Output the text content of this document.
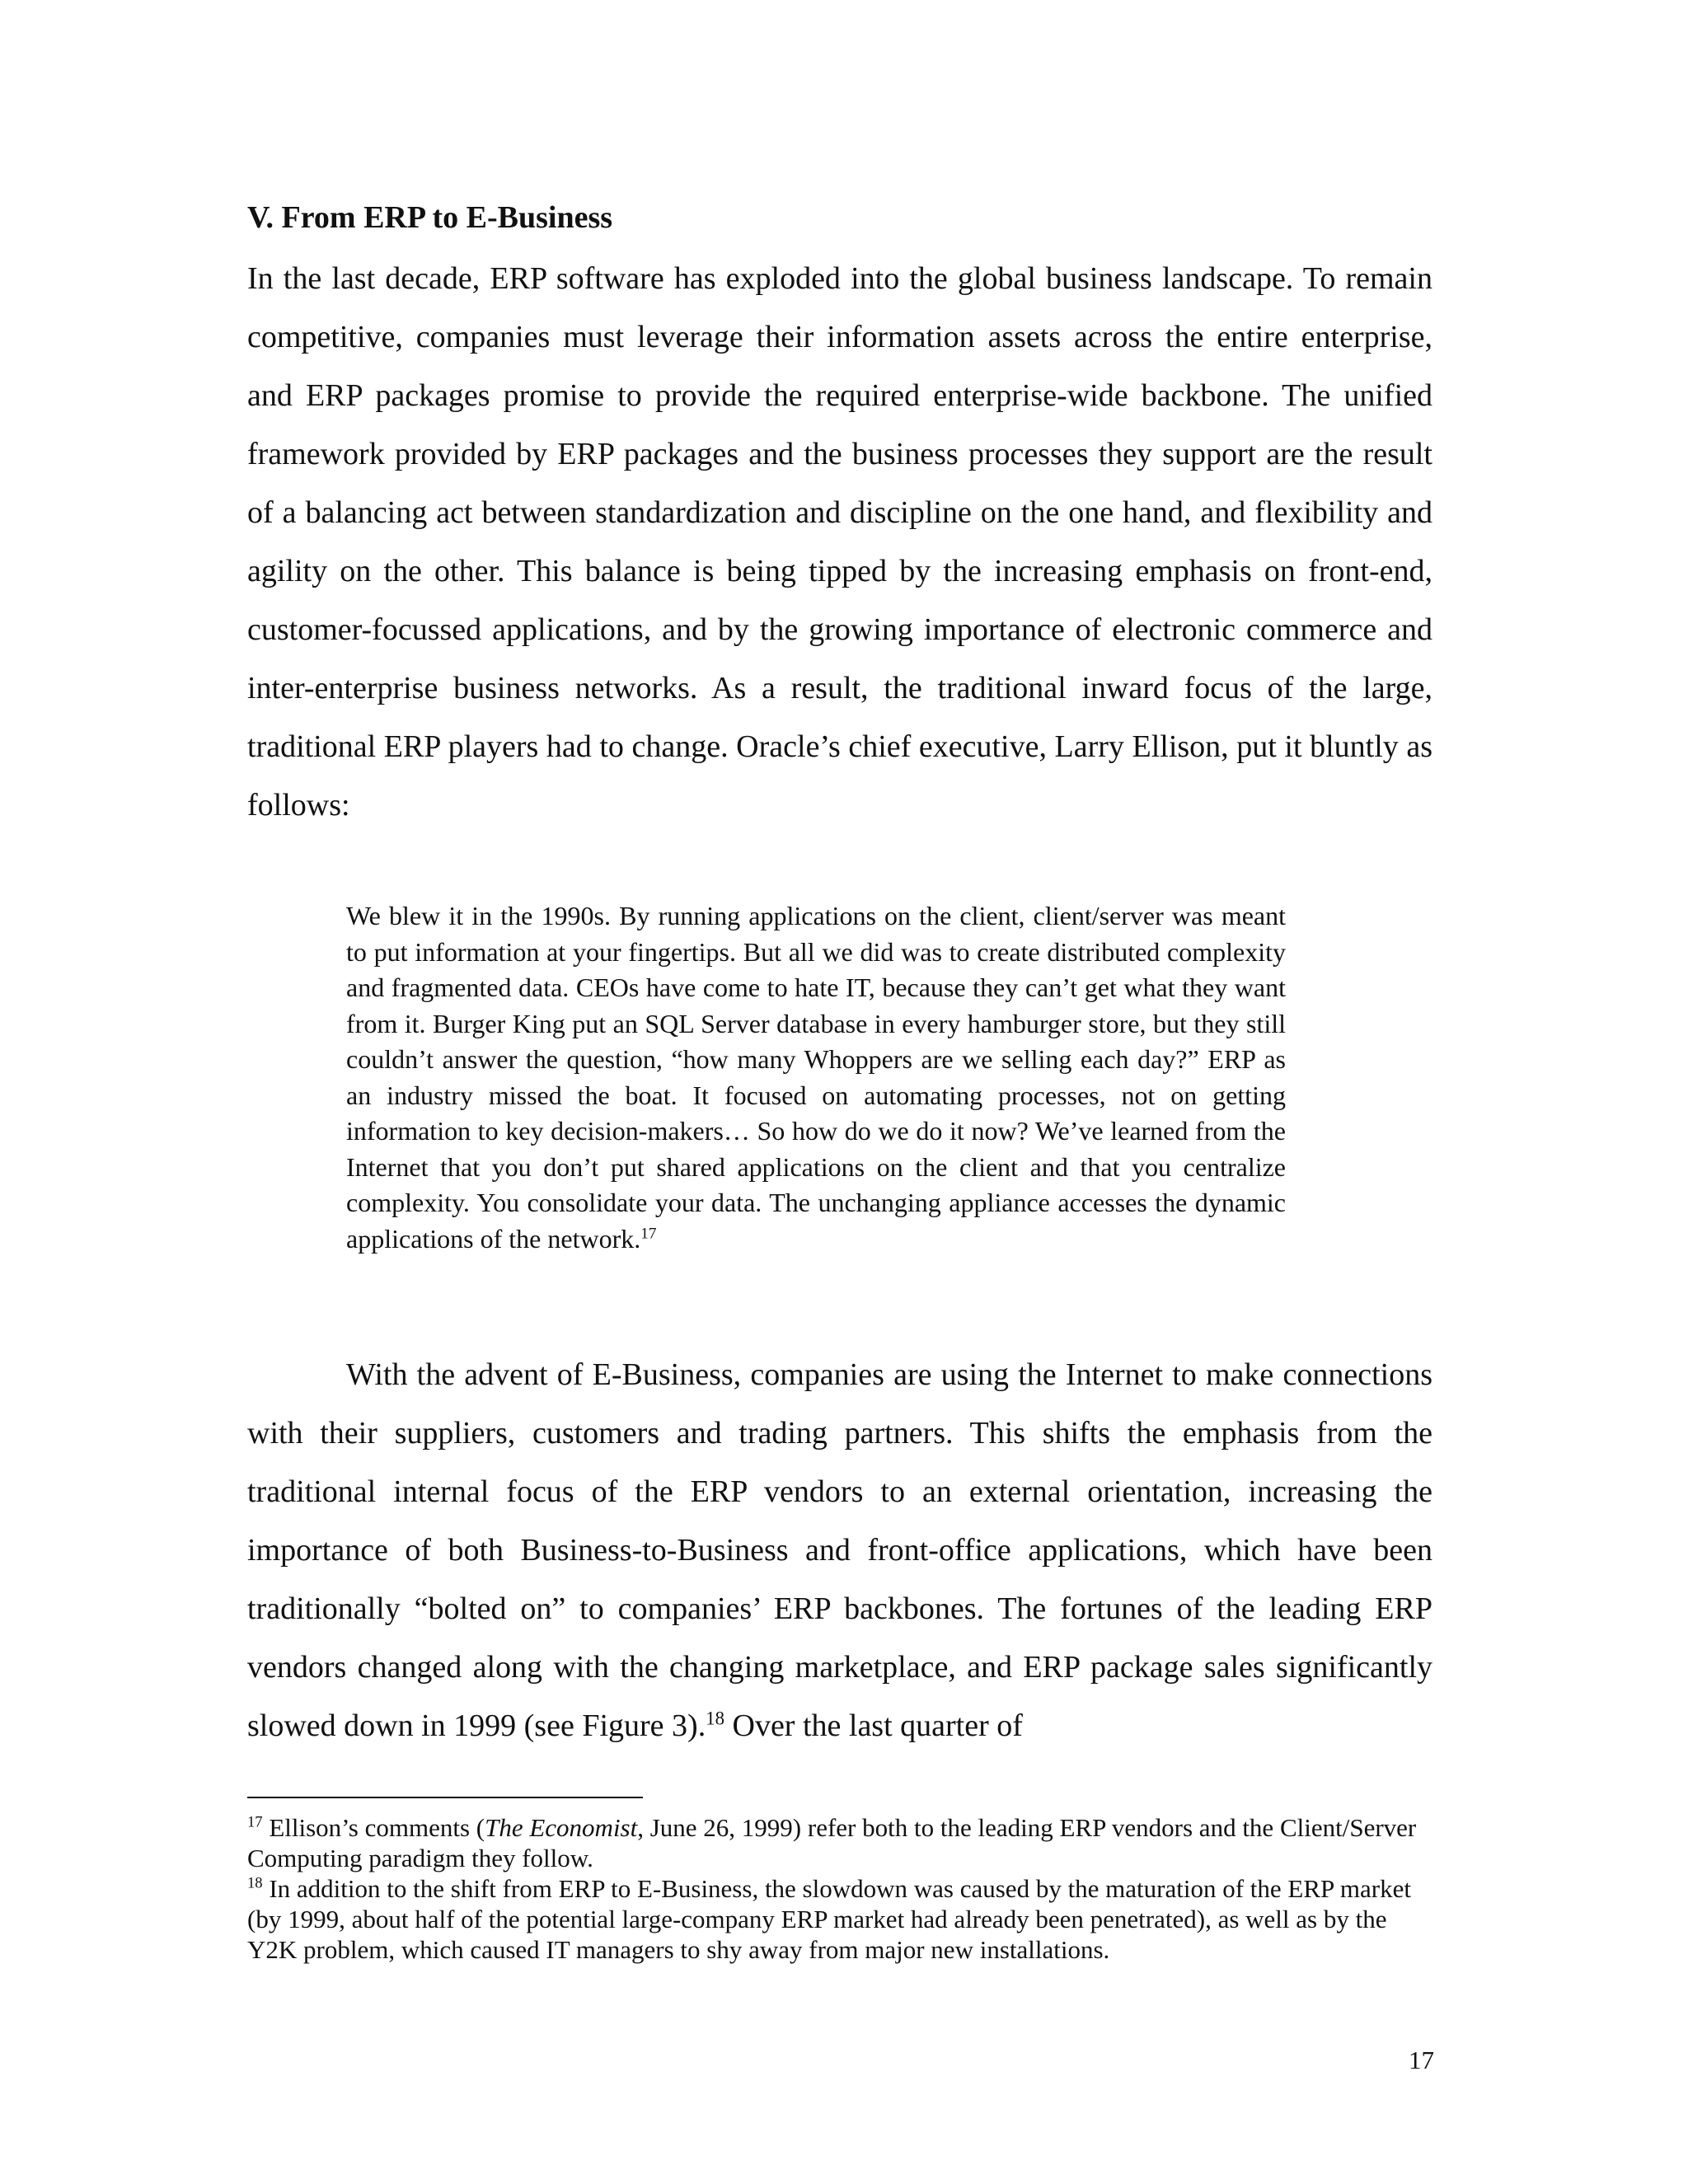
V. From ERP to E-Business

In the last decade, ERP software has exploded into the global business landscape. To remain competitive, companies must leverage their information assets across the entire enterprise, and ERP packages promise to provide the required enterprise-wide backbone. The unified framework provided by ERP packages and the business processes they support are the result of a balancing act between standardization and discipline on the one hand, and flexibility and agility on the other. This balance is being tipped by the increasing emphasis on front-end, customer-focussed applications, and by the growing importance of electronic commerce and inter-enterprise business networks. As a result, the traditional inward focus of the large, traditional ERP players had to change. Oracle’s chief executive, Larry Ellison, put it bluntly as follows:

We blew it in the 1990s. By running applications on the client, client/server was meant to put information at your fingertips. But all we did was to create distributed complexity and fragmented data. CEOs have come to hate IT, because they can’t get what they want from it. Burger King put an SQL Server database in every hamburger store, but they still couldn’t answer the question, “how many Whoppers are we selling each day?” ERP as an industry missed the boat. It focused on automating processes, not on getting information to key decision-makers… So how do we do it now? We’ve learned from the Internet that you don’t put shared applications on the client and that you centralize complexity. You consolidate your data. The unchanging appliance accesses the dynamic applications of the network.$^{17}$

With the advent of E-Business, companies are using the Internet to make connections with their suppliers, customers and trading partners. This shifts the emphasis from the traditional internal focus of the ERP vendors to an external orientation, increasing the importance of both Business-to-Business and front-office applications, which have been traditionally “bolted on” to companies’ ERP backbones. The fortunes of the leading ERP vendors changed along with the changing marketplace, and ERP package sales significantly slowed down in 1999 (see Figure 3).$^{18}$ Over the last quarter of

$^{17}$ Ellison’s comments (The Economist, June 26, 1999) refer both to the leading ERP vendors and the Client/Server Computing paradigm they follow.

$^{18}$ In addition to the shift from ERP to E-Business, the slowdown was caused by the maturation of the ERP market (by 1999, about half of the potential large-company ERP market had already been penetrated), as well as by the Y2K problem, which caused IT managers to shy away from major new installations.

17
